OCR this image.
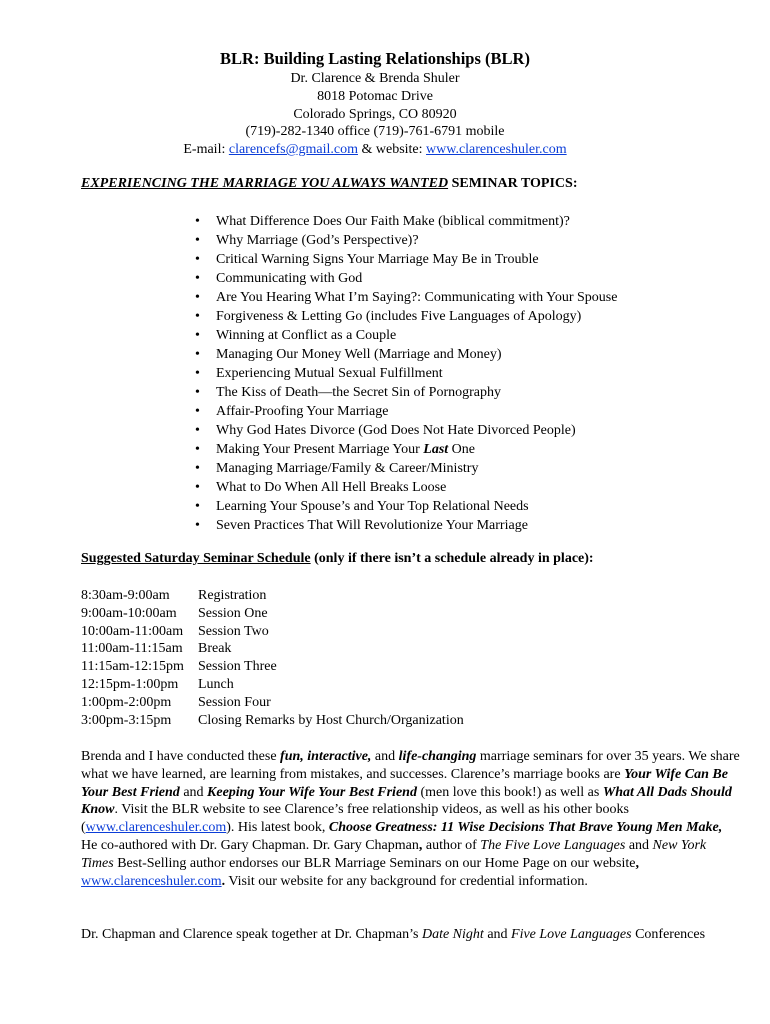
BLR: Building Lasting Relationships (BLR)
Dr. Clarence & Brenda Shuler
8018 Potomac Drive
Colorado Springs, CO 80920
(719)-282-1340 office (719)-761-6791 mobile
E-mail: clarencefs@gmail.com & website: www.clarenceshuler.com
EXPERIENCING THE MARRIAGE YOU ALWAYS WANTED SEMINAR TOPICS:
• What Difference Does Our Faith Make (biblical commitment)?
• Why Marriage (God’s Perspective)?
• Critical Warning Signs Your Marriage May Be in Trouble
• Communicating with God
• Are You Hearing What I’m Saying?: Communicating with Your Spouse
• Forgiveness & Letting Go (includes Five Languages of Apology)
• Winning at Conflict as a Couple
• Managing Our Money Well (Marriage and Money)
• Experiencing Mutual Sexual Fulfillment
• The Kiss of Death—the Secret Sin of Pornography
• Affair-Proofing Your Marriage
• Why God Hates Divorce (God Does Not Hate Divorced People)
• Making Your Present Marriage Your Last One
• Managing Marriage/Family & Career/Ministry
• What to Do When All Hell Breaks Loose
• Learning Your Spouse’s and Your Top Relational Needs
• Seven Practices That Will Revolutionize Your Marriage
Suggested Saturday Seminar Schedule (only if there isn’t a schedule already in place):
8:30am-9:00am	Registration
9:00am-10:00am	Session One
10:00am-11:00am	Session Two
11:00am-11:15am	Break
11:15am-12:15pm	Session Three
12:15pm-1:00pm	Lunch
1:00pm-2:00pm	Session Four
3:00pm-3:15pm	Closing Remarks by Host Church/Organization
Brenda and I have conducted these fun, interactive, and life-changing marriage seminars for over 35 years. We share what we have learned, are learning from mistakes, and successes. Clarence’s marriage books are Your Wife Can Be Your Best Friend and Keeping Your Wife Your Best Friend (men love this book!) as well as What All Dads Should Know. Visit the BLR website to see Clarence’s free relationship videos, as well as his other books (www.clarenceshuler.com). His latest book, Choose Greatness: 11 Wise Decisions That Brave Young Men Make, He co-authored with Dr. Gary Chapman. Dr. Gary Chapman, author of The Five Love Languages and New York Times Best-Selling author endorses our BLR Marriage Seminars on our Home Page on our website, www.clarenceshuler.com. Visit our website for any background for credential information.
Dr. Chapman and Clarence speak together at Dr. Chapman’s Date Night and Five Love Languages Conferences
